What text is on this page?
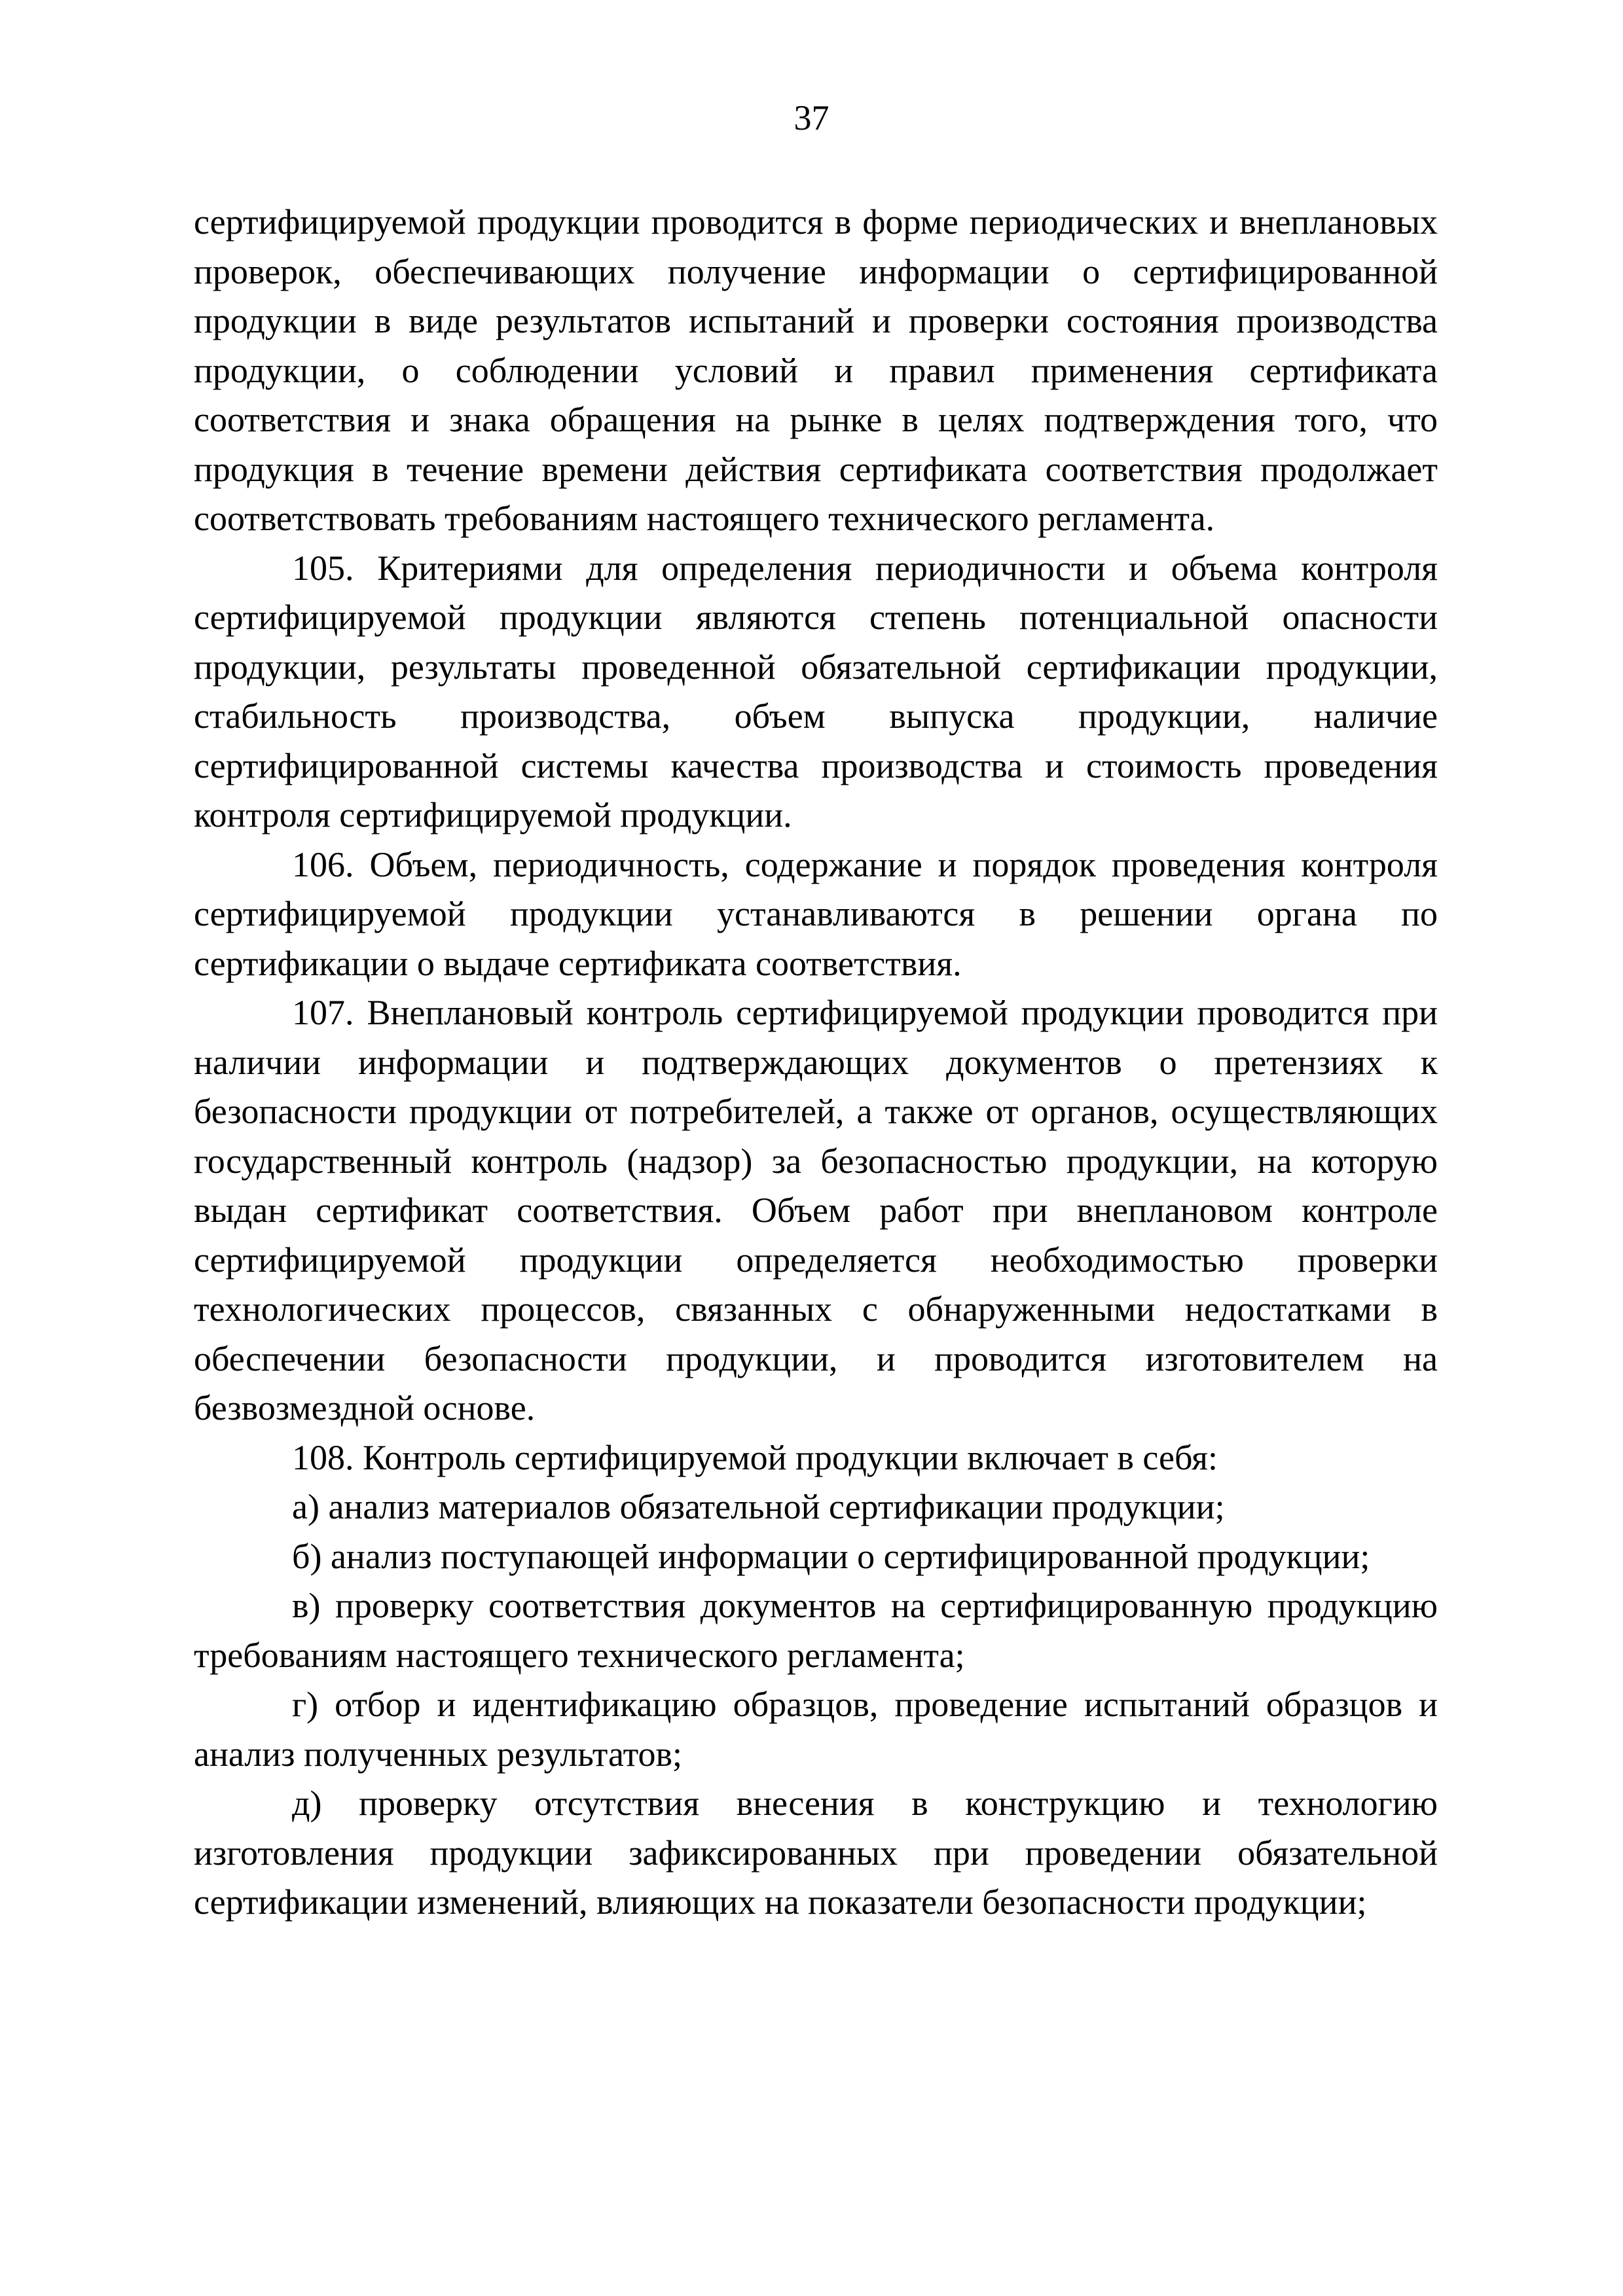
37

сертифицируемой продукции проводится в форме периодических и внеплановых проверок, обеспечивающих получение информации о сертифицированной продукции в виде результатов испытаний и проверки состояния производства продукции, о соблюдении условий и правил применения сертификата соответствия и знака обращения на рынке в целях подтверждения того, что продукция в течение времени действия сертификата соответствия продолжает соответствовать требованиям настоящего технического регламента.

105. Критериями для определения периодичности и объема контроля сертифицируемой продукции являются степень потенциальной опасности продукции, результаты проведенной обязательной сертификации продукции, стабильность производства, объем выпуска продукции, наличие сертифицированной системы качества производства и стоимость проведения контроля сертифицируемой продукции.

106. Объем, периодичность, содержание и порядок проведения контроля сертифицируемой продукции устанавливаются в решении органа по сертификации о выдаче сертификата соответствия.

107. Внеплановый контроль сертифицируемой продукции проводится при наличии информации и подтверждающих документов о претензиях к безопасности продукции от потребителей, а также от органов, осуществляющих государственный контроль (надзор) за безопасностью продукции, на которую выдан сертификат соответствия. Объем работ при внеплановом контроле сертифицируемой продукции определяется необходимостью проверки технологических процессов, связанных с обнаруженными недостатками в обеспечении безопасности продукции, и проводится изготовителем на безвозмездной основе.

108. Контроль сертифицируемой продукции включает в себя:

а) анализ материалов обязательной сертификации продукции;

б) анализ поступающей информации о сертифицированной продукции;

в) проверку соответствия документов на сертифицированную продукцию требованиям настоящего технического регламента;

г) отбор и идентификацию образцов, проведение испытаний образцов и анализ полученных результатов;

д) проверку отсутствия внесения в конструкцию и технологию изготовления продукции зафиксированных при проведении обязательной сертификации изменений, влияющих на показатели безопасности продукции;
